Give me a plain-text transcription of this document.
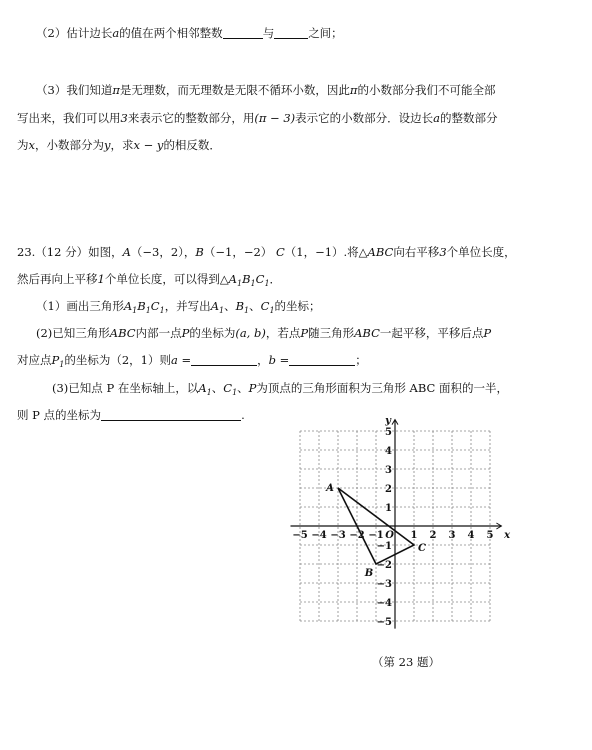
（2）估计边长a的值在两个相邻整数	与	之间；
（3）我们知道π是无理数，而无理数是无限不循环小数，因此π的小数部分我们不可能全部
写出来，我们可以用3来表示它的整数部分，用(π − 3)表示它的小数部分．设边长a的整数部分
为x，小数部分为y，求x − y的相反数．
23.（12 分）如图，A（−3，2），B（−1，−2） C（1，−1）.将△ABC向右平移3个单位长度，
然后再向上平移1个单位长度，可以得到$\triangle A_1B_1C_1$．
（1）画出三角形$A_1B_1C_1$，并写出$A_1$、$B_1$、$C_1$的坐标；
(2)已知三角形ABC内部一点P的坐标为(a, b)，若点P随三角形ABC一起平移，平移后点P
对应点$P_1$的坐标为（2，1）则a =	，b =	；
(3)已知点 P 在坐标轴上，以$A_1$、$C_1$、P为顶点的三角形面积为三角形 ABC 面积的一半，
则 P 点的坐标为	.
−5 −4 −3 −2 −1	1 2 3 4 5
5
4
3
2
1
−1
−2
−3
−4
−5
x
y
O
A
B
C
（第 23 题）
